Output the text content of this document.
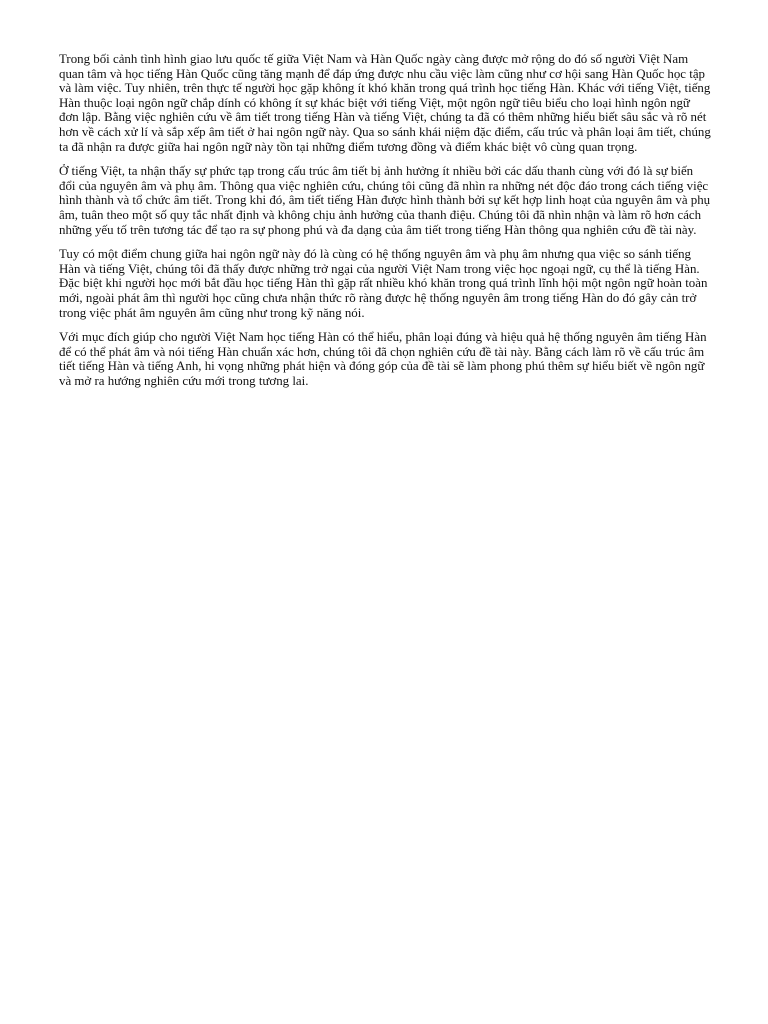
Trong bối cảnh tình hình giao lưu quốc tế giữa Việt Nam và Hàn Quốc ngày càng được mở rộng do đó số người Việt Nam quan tâm và học tiếng Hàn Quốc cũng tăng mạnh để đáp ứng được nhu cầu việc làm cũng như cơ hội sang Hàn Quốc học tập và làm việc. Tuy nhiên, trên thực tế người học gặp không ít khó khăn trong quá trình học tiếng Hàn. Khác với tiếng Việt, tiếng Hàn thuộc loại ngôn ngữ chắp dính có không ít sự khác biệt với tiếng Việt, một ngôn ngữ tiêu biểu cho loại hình ngôn ngữ đơn lập. Bằng việc nghiên cứu về âm tiết trong tiếng Hàn và tiếng Việt, chúng ta đã có thêm những hiểu biết sâu sắc và rõ nét hơn về cách xử lí và sắp xếp âm tiết ở hai ngôn ngữ này. Qua so sánh khái niệm đặc điểm, cấu trúc và phân loại âm tiết, chúng ta đã nhận ra được giữa hai ngôn ngữ này tồn tại những điểm tương đồng và điểm khác biệt vô cùng quan trọng.

Ở tiếng Việt, ta nhận thấy sự phức tạp trong cấu trúc âm tiết bị ảnh hưởng ít nhiều bởi các dấu thanh cùng với đó là sự biến đổi của nguyên âm và phụ âm. Thông qua việc nghiên cứu, chúng tôi cũng đã nhìn ra những nét độc đáo trong cách tiếng việc hình thành và tổ chức âm tiết. Trong khi đó, âm tiết tiếng Hàn được hình thành bởi sự kết hợp linh hoạt của nguyên âm và phụ âm, tuân theo một số quy tắc nhất định và không chịu ảnh hưởng của thanh điệu. Chúng tôi đã nhìn nhận và làm rõ hơn cách những yếu tố trên tương tác để tạo ra sự phong phú và đa dạng của âm tiết trong tiếng Hàn thông qua nghiên cứu đề tài này.

Tuy có một điểm chung giữa hai ngôn ngữ này đó là cùng có hệ thống nguyên âm và phụ âm nhưng qua việc so sánh tiếng Hàn và tiếng Việt, chúng tôi đã thấy được những trở ngại của người Việt Nam trong việc học ngoại ngữ, cụ thể là tiếng Hàn. Đặc biệt khi người học mới bắt đầu học tiếng Hàn thì gặp rất nhiều khó khăn trong quá trình lĩnh hội một ngôn ngữ hoàn toàn mới, ngoài phát âm thì người học cũng chưa nhận thức rõ ràng được hệ thống nguyên âm trong tiếng Hàn do đó gây cản trở trong việc phát âm nguyên âm cũng như trong kỹ năng nói.

Với mục đích giúp cho người Việt Nam học tiếng Hàn có thể hiểu, phân loại đúng và hiệu quả hệ thống nguyên âm tiếng Hàn để có thể phát âm và nói tiếng Hàn chuẩn xác hơn, chúng tôi đã chọn nghiên cứu đề tài này. Bằng cách làm rõ về cấu trúc âm tiết tiếng Hàn và tiếng Anh, hi vọng những phát hiện và đóng góp của đề tài sẽ làm phong phú thêm sự hiểu biết về ngôn ngữ và mở ra hướng nghiên cứu mới trong tương lai.
